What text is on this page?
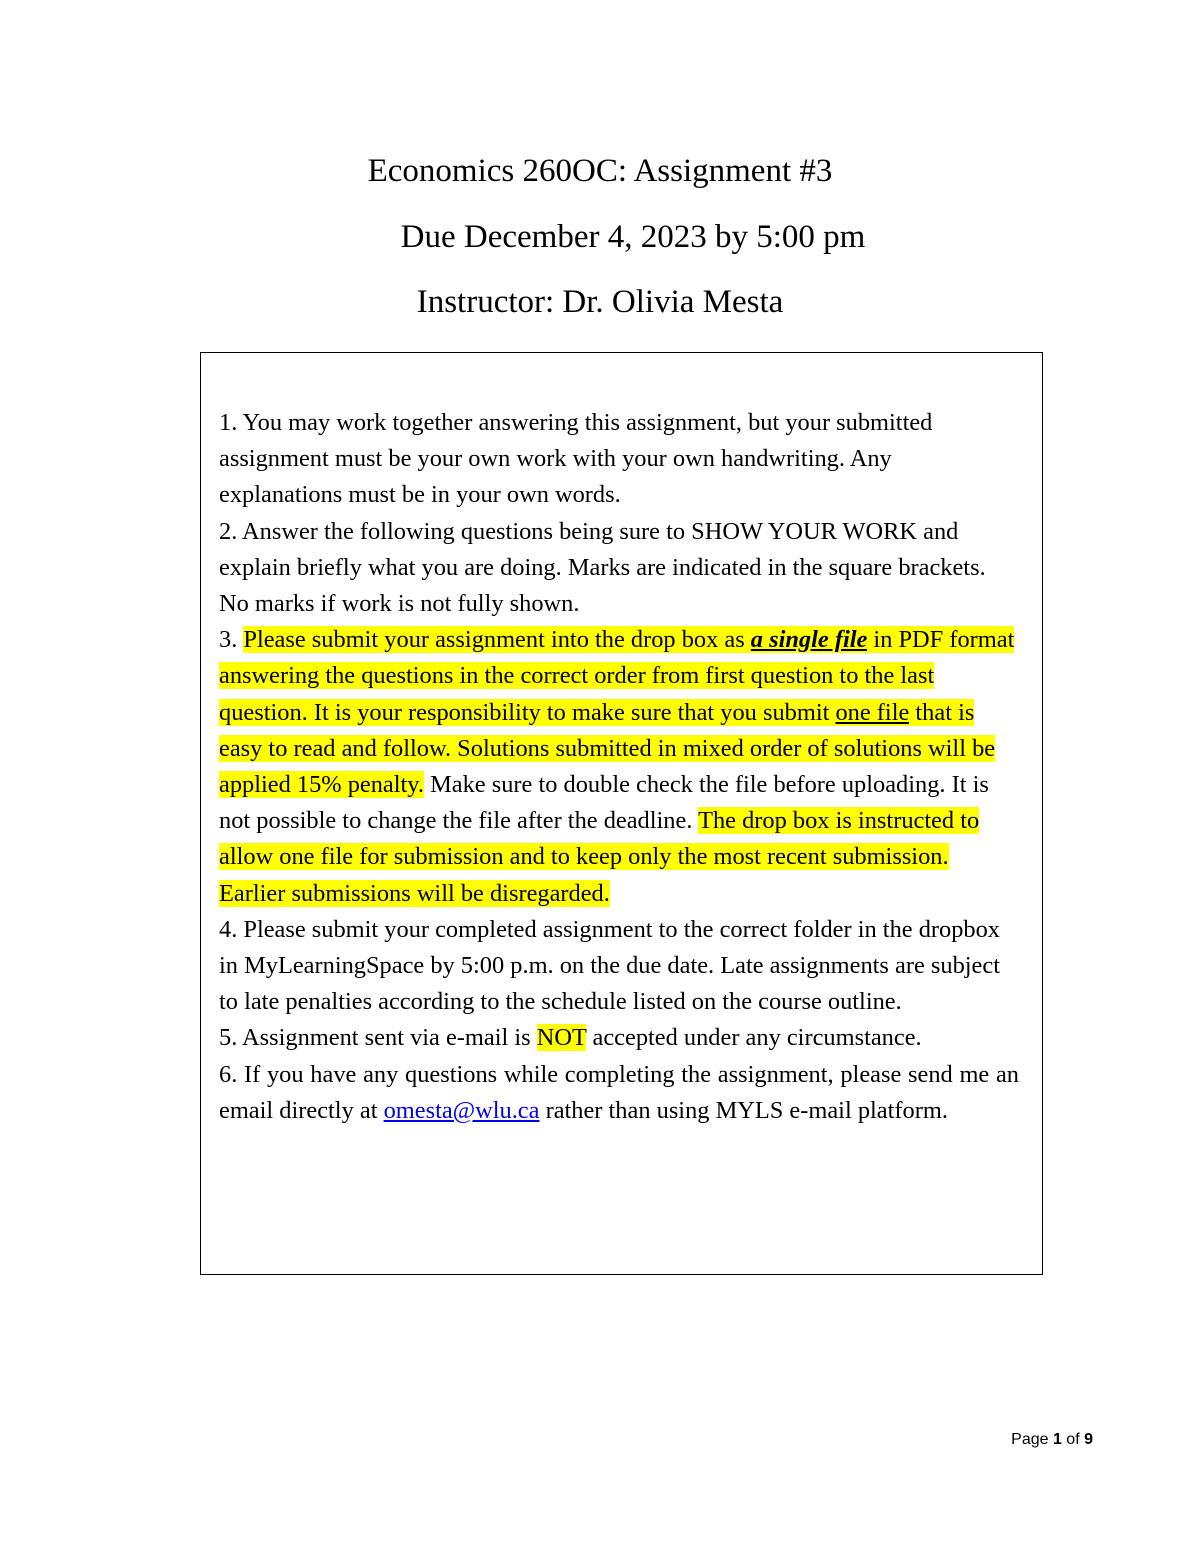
Economics 260OC: Assignment #3
Due December 4, 2023 by 5:00 pm
Instructor: Dr. Olivia Mesta

1. You may work together answering this assignment, but your submitted assignment must be your own work with your own handwriting. Any explanations must be in your own words.

2. Answer the following questions being sure to SHOW YOUR WORK and explain briefly what you are doing. Marks are indicated in the square brackets. No marks if work is not fully shown.

3. Please submit your assignment into the drop box as a single file in PDF format answering the questions in the correct order from first question to the last question. It is your responsibility to make sure that you submit one file that is easy to read and follow. Solutions submitted in mixed order of solutions will be applied 15% penalty. Make sure to double check the file before uploading. It is not possible to change the file after the deadline. The drop box is instructed to allow one file for submission and to keep only the most recent submission. Earlier submissions will be disregarded.

4. Please submit your completed assignment to the correct folder in the dropbox in MyLearningSpace by 5:00 p.m. on the due date. Late assignments are subject to late penalties according to the schedule listed on the course outline.

5. Assignment sent via e-mail is NOT accepted under any circumstance.

6. If you have any questions while completing the assignment, please send me an email directly at omesta@wlu.ca rather than using MYLS e-mail platform.

Page 1 of 9
